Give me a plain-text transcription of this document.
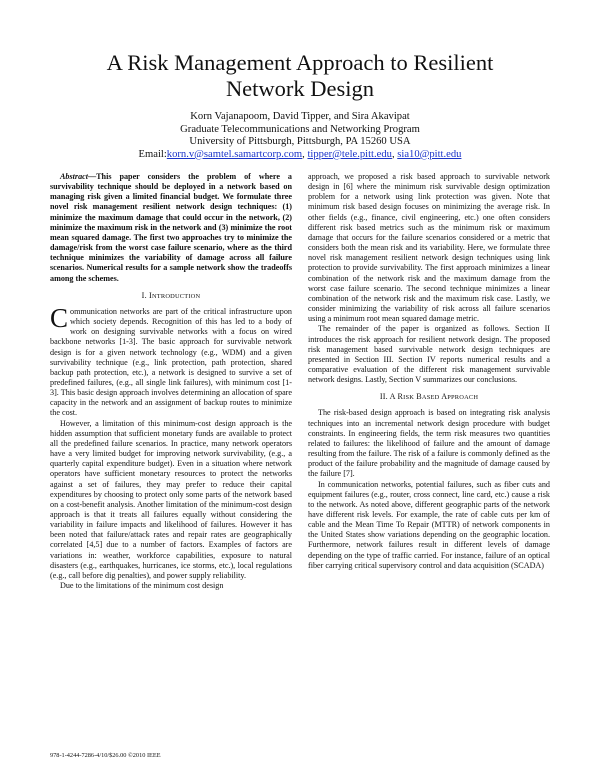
A Risk Management Approach to Resilient
Network Design
Korn Vajanapoom, David Tipper, and Sira Akavipat
Graduate Telecommunications and Networking Program
University of Pittsburgh, Pittsburgh, PA 15260 USA
Email:korn.v@samtel.samartcorp.com, tipper@tele.pitt.edu, sia10@pitt.edu

Abstract—This paper considers the problem of where a survivability technique should be deployed in a network based on managing risk given a limited financial budget. We formulate three novel risk management resilient network design techniques: (1) minimize the maximum damage that could occur in the network, (2) minimize the maximum risk in the network and (3) minimize the root mean squared damage. The first two approaches try to minimize the damage/risk from the worst case failure scenario, where as the third technique minimizes the variability of damage across all failure scenarios. Numerical results for a sample network show the tradeoffs among the schemes.

I. INTRODUCTION

Communication networks are part of the critical infrastructure upon which society depends. Recognition of this has led to a body of work on designing survivable networks with a focus on wired backbone networks [1-3]. The basic approach for survivable network design is for a given network technology (e.g., WDM) and a given survivability technique (e.g., link protection, path protection, shared backup path protection, etc.), a network is designed to survive a set of predefined failures, (e.g., all single link failures), with minimum cost [1-3]. This basic design approach involves determining an allocation of spare capacity in the network and an assignment of backup routes to minimize the cost.

However, a limitation of this minimum-cost design approach is the hidden assumption that sufficient monetary funds are available to protect all the predefined failure scenarios. In practice, many network operators have a very limited budget for improving network survivability, (e.g., a quarterly capital expenditure budget). Even in a situation where network operators have sufficient monetary resources to protect the networks against a set of failures, they may prefer to reduce their capital expenditures by choosing to protect only some parts of the network based on a cost-benefit analysis. Another limitation of the minimum-cost design approach is that it treats all failures equally without considering the variability in failure impacts and likelihood of failures. However it has been noted that failure/attack rates and repair rates are geographically correlated [4,5] due to a number of factors. Examples of factors are variations in: weather, workforce capabilities, exposure to natural disasters (e.g., earthquakes, hurricanes, ice storms, etc.), local regulations (e.g., call before dig penalties), and power supply reliability.

Due to the limitations of the minimum cost design

approach, we proposed a risk based approach to survivable network design in [6] where the minimum risk survivable design optimization problem for a network using link protection was given. Note that minimum risk based design focuses on minimizing the average risk. In other fields (e.g., finance, civil engineering, etc.) one often considers different risk based metrics such as the minimum risk or maximum damage that occurs for the failure scenarios considered or a metric that considers both the mean risk and its variability. Here, we formulate three novel risk management resilient network design techniques using link protection to provide survivability. The first approach minimizes a linear combination of the network risk and the maximum damage from the worst case failure scenario. The second technique minimizes a linear combination of the network risk and the maximum risk case. Lastly, we consider minimizing the variability of risk across all failure scenarios using a minimum root mean squared damage metric.

The remainder of the paper is organized as follows. Section II introduces the risk approach for resilient network design. The proposed risk management based survivable network design techniques are presented in Section III. Section IV reports numerical results and a comparative evaluation of the different risk management survivable network designs. Lastly, Section V summarizes our conclusions.

II. A RISK BASED APPROACH

The risk-based design approach is based on integrating risk analysis techniques into an incremental network design procedure with budget constraints. In engineering fields, the term risk measures two quantities related to failures: the likelihood of failure and the amount of damage resulting from the failure. The risk of a failure is commonly defined as the product of the failure probability and the magnitude of damage caused by the failure [7].

In communication networks, potential failures, such as fiber cuts and equipment failures (e.g., router, cross connect, line card, etc.) cause a risk to the network. As noted above, different geographic parts of the network have different risk levels. For example, the rate of cable cuts per km of cable and the Mean Time To Repair (MTTR) of network components in the United States show variations depending on the geographic location. Furthermore, network failures result in different levels of damage depending on the type of traffic carried. For instance, failure of an optical fiber carrying critical supervisory control and data acquisition (SCADA)

978-1-4244-7286-4/10/$26.00 ©2010 IEEE
